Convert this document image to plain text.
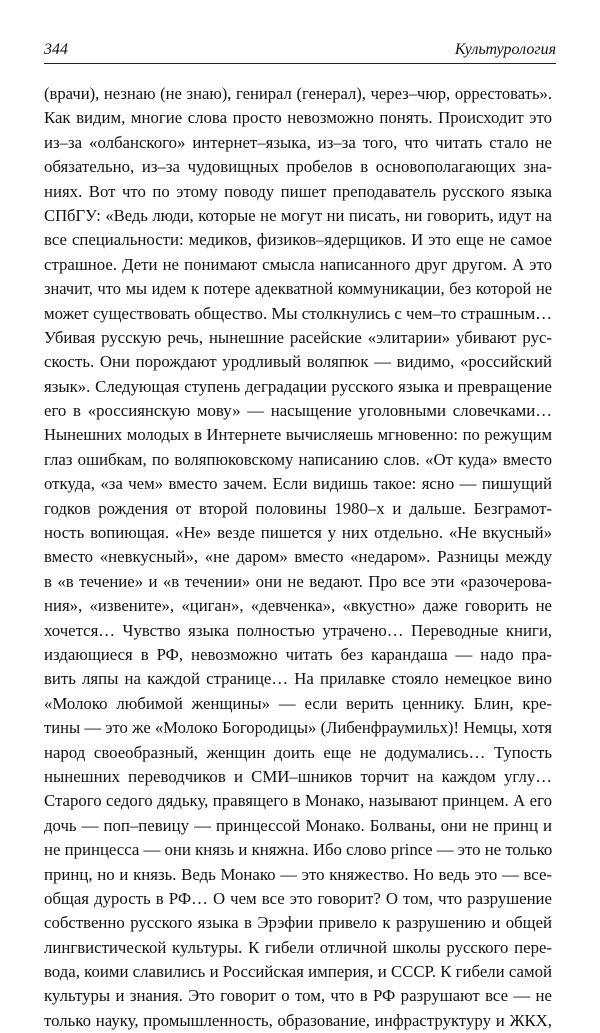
344	Культурология
(врачи), незнаю (не знаю), генирал (генерал), через–чюр, оррестовать».
Как видим, многие слова просто невозможно понять. Происходит это
из–за «олбанского» интернет–языка, из–за того, что читать стало не
обязательно, из–за чудовищных пробелов в основополагающих зна-
ниях. Вот что по этому поводу пишет преподаватель русского языка
СПбГУ: «Ведь люди, которые не могут ни писать, ни говорить, идут на
все специальности: медиков, физиков–ядерщиков. И это еще не самое
страшное. Дети не понимают смысла написанного друг другом. А это
значит, что мы идем к потере адекватной коммуникации, без которой не
может существовать общество. Мы столкнулись с чем–то страшным…
Убивая русскую речь, нынешние расейские «элитарии» убивают рус-
скость. Они порождают уродливый воляпюк — видимо, «российский
язык». Следующая ступень деградации русского языка и превращение
его в «россиянскую мову» — насыщение уголовными словечками…
Нынешних молодых в Интернете вычисляешь мгновенно: по режущим
глаз ошибкам, по воляпюковскому написанию слов. «От куда» вместо
откуда, «за чем» вместо зачем. Если видишь такое: ясно — пишущий
годков рождения от второй половины 1980–х и дальше. Безграмот-
ность вопиющая. «Не» везде пишется у них отдельно. «Не вкусный»
вместо «невкусный», «не даром» вместо «недаром». Разницы между
в «в течение» и «в течении» они не ведают. Про все эти «разочерова-
ния», «извените», «циган», «девченка», «вкустно» даже говорить не
хочется… Чувство языка полностью утрачено… Переводные книги,
издающиеся в РФ, невозможно читать без карандаша — надо пра-
вить ляпы на каждой странице… На прилавке стояло немецкое вино
«Молоко любимой женщины» — если верить ценнику. Блин, кре-
тины — это же «Молоко Богородицы» (Либенфраумильх)! Немцы, хотя
народ своеобразный, женщин доить еще не додумались… Тупость
нынешних переводчиков и СМИ–шников торчит на каждом углу…
Старого седого дядьку, правящего в Монако, называют принцем. А его
дочь — поп–певицу — принцессой Монако. Болваны, они не принц и
не принцесса — они князь и княжна. Ибо слово prince — это не только
принц, но и князь. Ведь Монако — это княжество. Но ведь это — все-
общая дурость в РФ… О чем все это говорит? О том, что разрушение
собственно русского языка в Эрэфии привело к разрушению и общей
лингвистической культуры. К гибели отличной школы русского пере-
вода, коими славились и Российская империя, и СССР. К гибели самой
культуры и знания. Это говорит о том, что в РФ разрушают все — не
только науку, промышленность, образование, инфраструктуру и ЖКХ,
